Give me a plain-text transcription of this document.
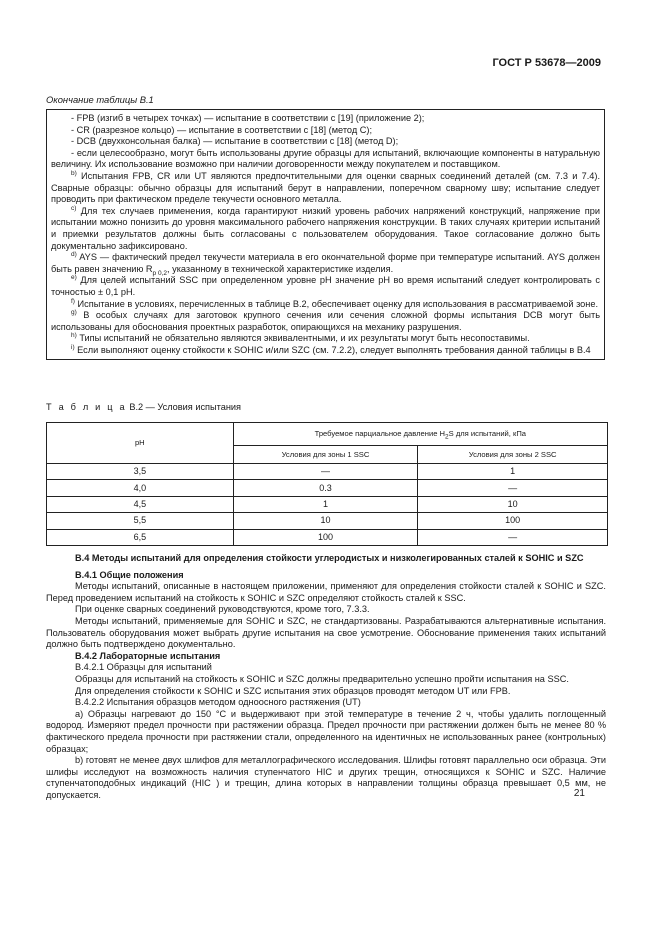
ГОСТ Р 53678—2009
Окончание таблицы В.1

- FPB (изгиб в четырех точках) — испытание в соответствии с [19] (приложение 2);

- CR (разрезное кольцо) — испытание в соответствии с [18] (метод С);

- DCB (двухконсольная балка) — испытание в соответствии с [18] (метод D);

- если целесообразно, могут быть использованы другие образцы для испытаний, включающие компоненты в натуральную величину. Их использование возможно при наличии договоренности между покупателем и поставщиком.

$^{b)}$ Испытания FPB, CR или UT являются предпочтительными для оценки сварных соединений деталей (см. 7.3 и 7.4). Сварные образцы: обычно образцы для испытаний берут в направлении, поперечном сварному шву; испытание следует проводить при фактическом пределе текучести основного металла.

$^{c)}$ Для тех случаев применения, когда гарантируют низкий уровень рабочих напряжений конструкций, напряжение при испытании можно понизить до уровня максимального рабочего напряжения конструкции. В таких случаях критерии испытаний и приемки результатов должны быть согласованы с пользователем оборудования. Такое согласование должно быть документально зафиксировано.

$^{d)}$ AYS — фактический предел текучести материала в его окончательной форме при температуре испытаний. AYS должен быть равен значению $R_{p 0,2}$, указанному в технической характеристике изделия.

$^{e)}$ Для целей испытаний SSC при определенном уровне pH значение pH во время испытаний следует контролировать с точностью ± 0,1 pH.

$^{f)}$ Испытание в условиях, перечисленных в таблице В.2, обеспечивает оценку для использования в рассматриваемой зоне.

$^{g)}$ В особых случаях для заготовок крупного сечения или сечения сложной формы испытания DCB могут быть использованы для обоснования проектных разработок, опирающихся на механику разрушения.

$^{h)}$ Типы испытаний не обязательно являются эквивалентными, и их результаты могут быть несопоставимы.

$^{i)}$ Если выполняют оценку стойкости к SOHIC и/или SZC (см. 7.2.2), следует выполнять требования данной таблицы в В.4

Т а б л и ц а В.2 — Условия испытания
pH	Требуемое парциальное давление $H_2S$ для испытаний, кПа	
	Условия для зоны 1 SSC	Условия для зоны 2 SSC
3,5	—	1
4,0	0.3	—
4,5	1	10
5,5	10	100
6,5	100	—

В.4 Методы испытаний для определения стойкости углеродистых и низколегированных сталей к SOHIC и SZC

В.4.1 Общие положения

Методы испытаний, описанные в настоящем приложении, применяют для определения стойкости сталей к SOHIC и SZC. Перед проведением испытаний на стойкость к SOHIC и SZC определяют стойкость сталей к SSC.

При оценке сварных соединений руководствуются, кроме того, 7.3.3.

Методы испытаний, применяемые для SOHIC и SZC, не стандартизованы. Разрабатываются альтернативные испытания. Пользователь оборудования может выбрать другие испытания на свое усмотрение. Обоснование применения таких испытаний должно быть подтверждено документально.

В.4.2 Лабораторные испытания

В.4.2.1 Образцы для испытаний

Образцы для испытаний на стойкость к SOHIC и SZC должны предварительно успешно пройти испытания на SSC.

Для определения стойкости к SOHIC и SZC испытания этих образцов проводят методом UT или FPB.

В.4.2.2 Испытания образцов методом одноосного растяжения (UT)

а) Образцы нагревают до 150 °С и выдерживают при этой температуре в течение 2 ч, чтобы удалить поглощенный водород. Измеряют предел прочности при растяжении образца. Предел прочности при растяжении должен быть не менее 80 % фактического предела прочности при растяжении стали, определенного на идентичных не использованных ранее (контрольных) образцах;

b) готовят не менее двух шлифов для металлографического исследования. Шлифы готовят параллельно оси образца. Эти шлифы исследуют на возможность наличия ступенчатого HIC и других трещин, относящихся к SOHIC и SZC. Наличие ступенчатоподобных индикаций (HIC ) и трещин, длина которых в направлении толщины образца превышает 0,5 мм, не допускается.	21
